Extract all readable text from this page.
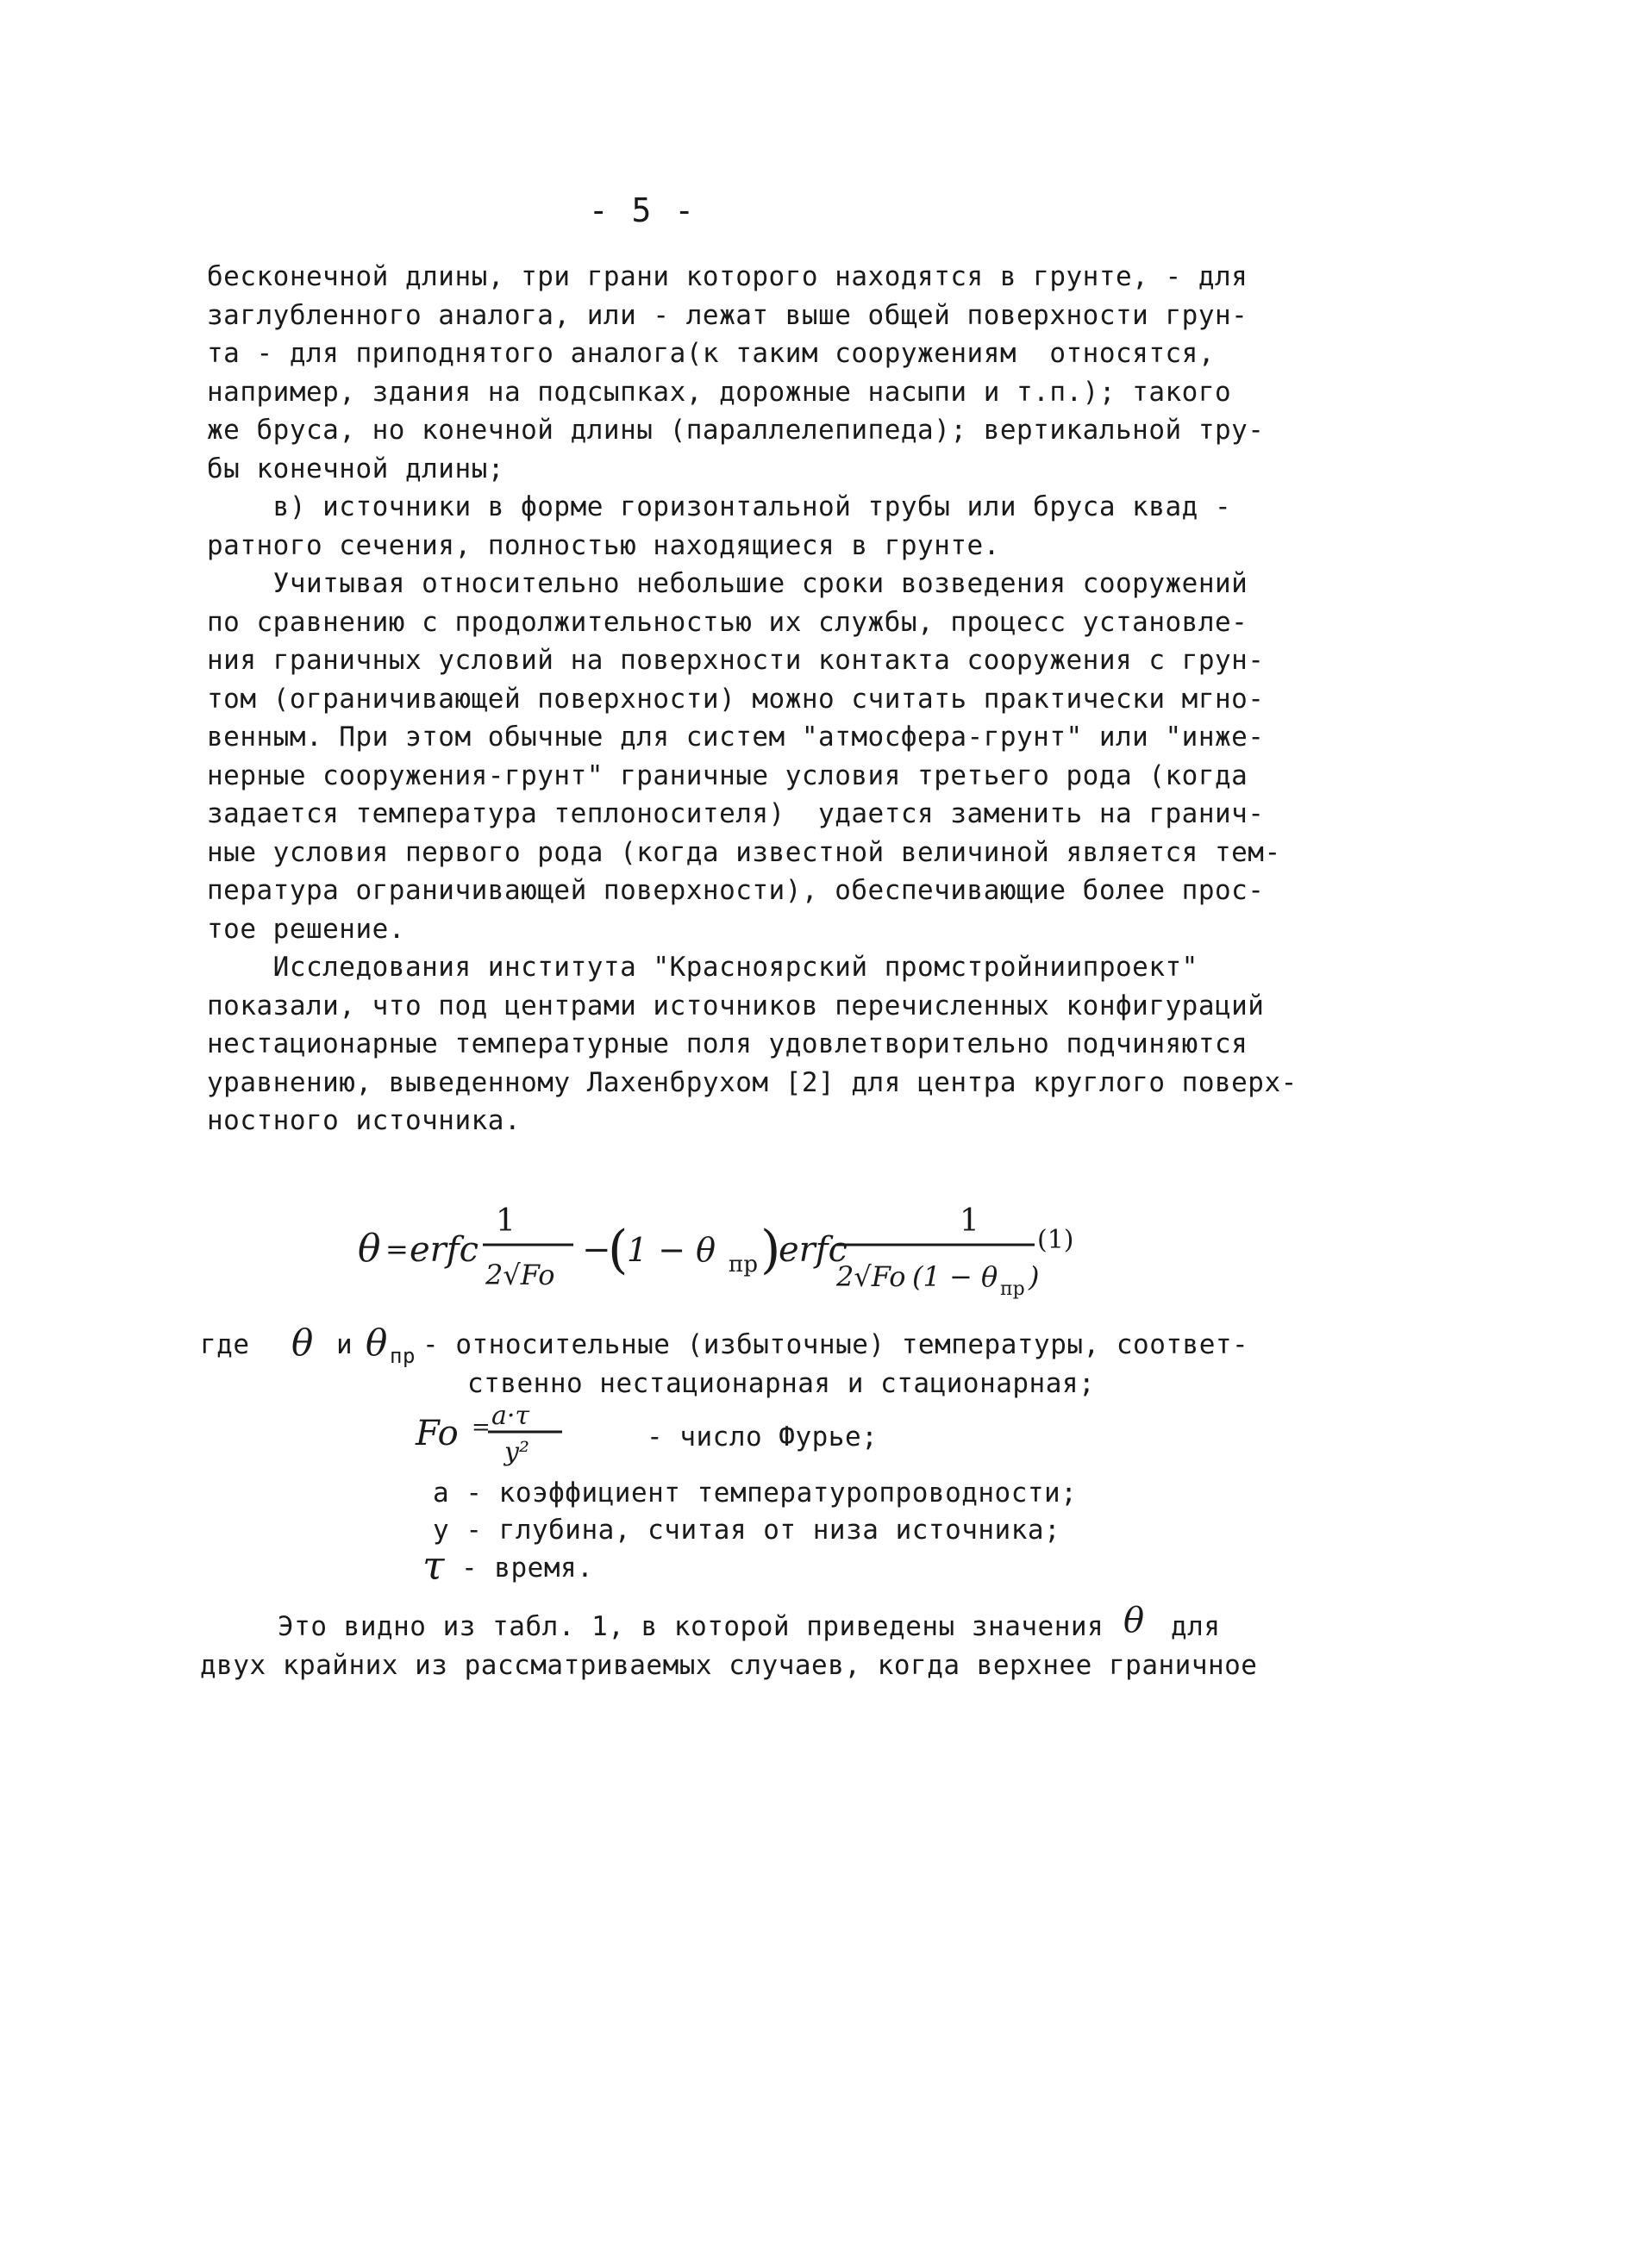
- 5 -
бесконечной длины, три грани которого находятся в грунте, - для
заглубленного аналога, или - лежат выше общей поверхности грун-
та - для приподнятого аналога(к таким сооружениям  относятся,
например, здания на подсыпках, дорожные насыпи и т.п.); такого
же бруса, но конечной длины (параллелепипеда); вертикальной тру-
бы конечной длины;
в) источники в форме горизонтальной трубы или бруса квад -
ратного сечения, полностью находящиеся в грунте.
Учитывая относительно небольшие сроки возведения сооружений
по сравнению с продолжительностью их службы, процесс установле-
ния граничных условий на поверхности контакта сооружения с грун-
том (ограничивающей поверхности) можно считать практически мгно-
венным. При этом обычные для систем "атмосфера-грунт" или "инже-
нерные сооружения-грунт" граничные условия третьего рода (когда
задается температура теплоносителя)  удается заменить на гранич-
ные условия первого рода (когда известной величиной является тем-
пература ограничивающей поверхности), обеспечивающие более прос-
тое решение.
Исследования института "Красноярский промстройниипроект"
показали, что под центрами источников перечисленных конфигураций
нестационарные температурные поля удовлетворительно подчиняются
уравнению, выведенному Лахенбрухом [2] для центра круглого поверх-
ностного источника.
θ = erfc
1
2√Fo
−
(
1 − θ пр )
erfc
1
2√Fo (1 − θ пр )
(1)
Fo = a·τ
y²
где θ и θ пр - относительные (избыточные) температуры, соответ-
ственно нестационарная и стационарная;
- число Фурье;
а - коэффициент температуропроводности;
у - глубина, считая от низа источника;
τ - время.
Это видно из табл. 1, в которой приведены значения θ для
двух крайних из рассматриваемых случаев, когда верхнее граничное
